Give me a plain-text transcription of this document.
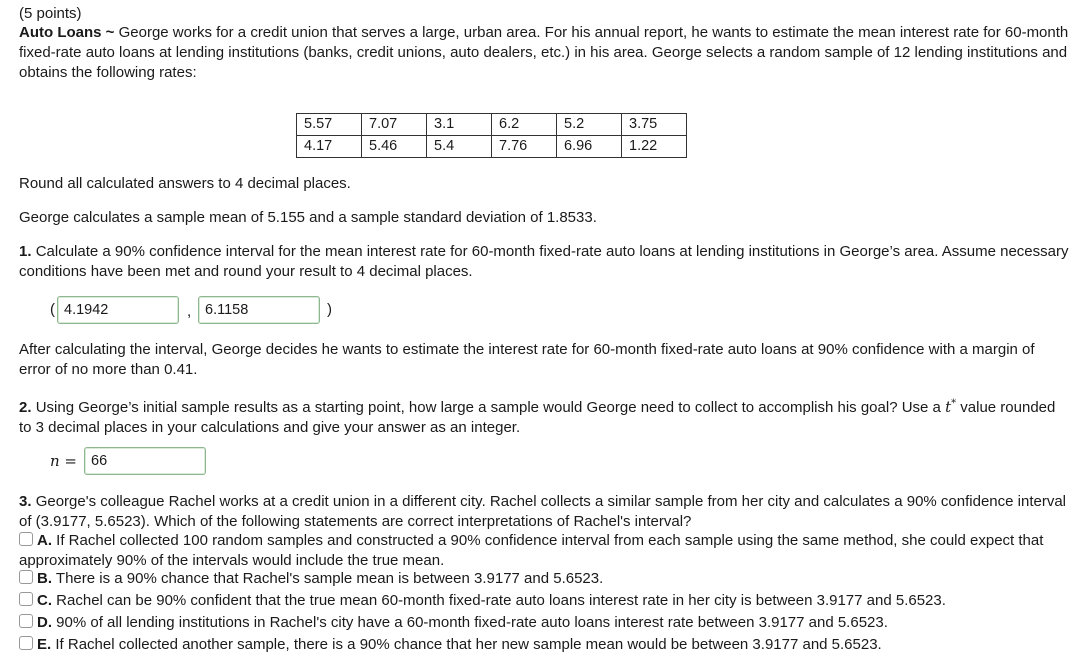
(5 points)
Auto Loans ~ George works for a credit union that serves a large, urban area. For his annual report, he wants to estimate the mean interest rate for 60-month fixed-rate auto loans at lending institutions (banks, credit unions, auto dealers, etc.) in his area. George selects a random sample of 12 lending institutions and obtains the following rates:
5.57	7.07	3.1	6.2	5.2	3.75
4.17	5.46	5.4	7.76	6.96	1.22
Round all calculated answers to 4 decimal places.
George calculates a sample mean of 5.155 and a sample standard deviation of 1.8533.
1. Calculate a 90% confidence interval for the mean interest rate for 60-month fixed-rate auto loans at lending institutions in George’s area. Assume necessary conditions have been met and round your result to 4 decimal places.
( 4.1942	, 6.1158	)
After calculating the interval, George decides he wants to estimate the interest rate for 60-month fixed-rate auto loans at 90% confidence with a margin of error of no more than 0.41.
2. Using George’s initial sample results as a starting point, how large a sample would George need to collect to accomplish his goal? Use a t* value rounded to 3 decimal places in your calculations and give your answer as an integer.
n = 66
3. George's colleague Rachel works at a credit union in a different city. Rachel collects a similar sample from her city and calculates a 90% confidence interval of (3.9177, 5.6523). Which of the following statements are correct interpretations of Rachel's interval?
A. If Rachel collected 100 random samples and constructed a 90% confidence interval from each sample using the same method, she could expect that approximately 90% of the intervals would include the true mean.
B. There is a 90% chance that Rachel's sample mean is between 3.9177 and 5.6523.
C. Rachel can be 90% confident that the true mean 60-month fixed-rate auto loans interest rate in her city is between 3.9177 and 5.6523.
D. 90% of all lending institutions in Rachel's city have a 60-month fixed-rate auto loans interest rate between 3.9177 and 5.6523.
E. If Rachel collected another sample, there is a 90% chance that her new sample mean would be between 3.9177 and 5.6523.
